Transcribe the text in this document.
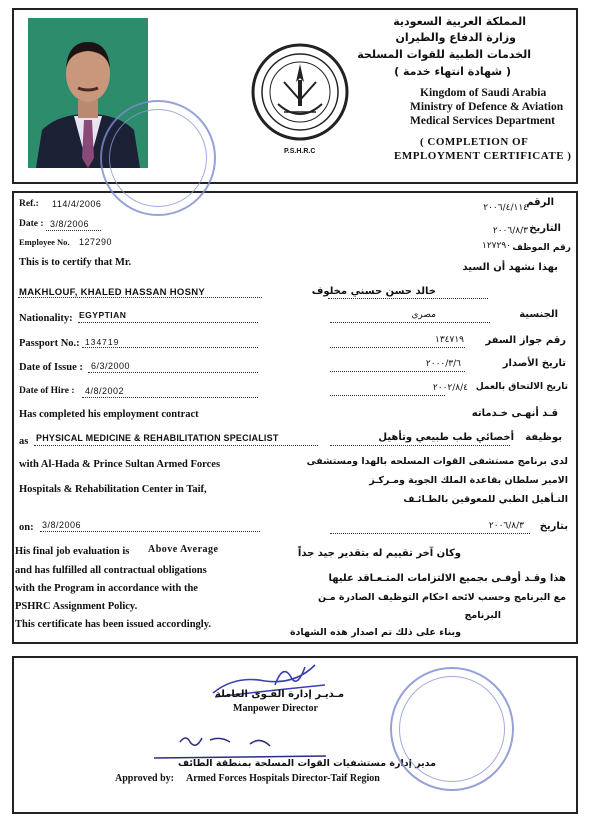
P.S.H.R.C
المملكة العربية السعودية
وزارة الدفاع والطيران
الخدمات الطبية للقوات المسلحة
( شهادة انتهاء خدمة )
Kingdom of Saudi Arabia
Ministry of Defence & Aviation
Medical Services Department
( COMPLETION OF
EMPLOYMENT CERTIFICATE )
Ref.: 114/4/2006
Date : 3/8/2006
Employee No. 127290
This is to certify that Mr.
MAKHLOUF, KHALED HASSAN HOSNY
Nationality: EGYPTIAN
Passport No.: 134719
Date of Issue : 6/3/2000
Date of Hire : 4/8/2002
Has completed his employment contract
as PHYSICAL MEDICINE & REHABILITATION SPECIALIST
with Al-Hada & Prince Sultan Armed Forces
Hospitals & Rehabilitation Center in Taif,
on: 3/8/2006
His final job evaluation is Above Average
and has fulfilled all contractual obligations
with the Program in accordance with the
PSHRC Assignment Policy.
This certificate has been issued accordingly.
الرقم
٢٠٠٦/٤/١١٤
التاريخ
٢٠٠٦/٨/٣
رقم الموظف
١٢٧٢٩٠
بهذا نشهد أن السيد
خالد حسن حسني مخلوف
الجنسية
مصري
رقم جواز السفر
١٣٤٧١٩
تاريخ الأصدار
٢٠٠٠/٣/٦
تاريخ الالتحاق بالعمل
٢٠٠٢/٨/٤
قـد أنهـى خـدماته
بوظيفة
أخصائي طب طبيعي وتأهيل
لدى برنامج مستشفى القوات المسلحه بالهدا ومستشفى
الامير سلطان بقاعدة الملك الجوية ومـركـز
التـأهيل الطبي للمعوقين بالطـائـف
بتاريخ
٢٠٠٦/٨/٣
وكان آخر تقييم له بتقدير جيد جداً
هذا وقـد أوفـى بجميع الالتزامات المتـعـاقد عليها
مع البرنامج وحسب لائحه احكام التوظيف الصادرة مـن
البرنامج
وبناء على ذلك تم اصدار هذه الشهادة
مـديـر إدارة القـوى العاملة
Manpower Director
مدير إدارة مستشفيات القوات المسلحة بمنطقة الطائف
Approved by: Armed Forces Hospitals Director-Taif Region
